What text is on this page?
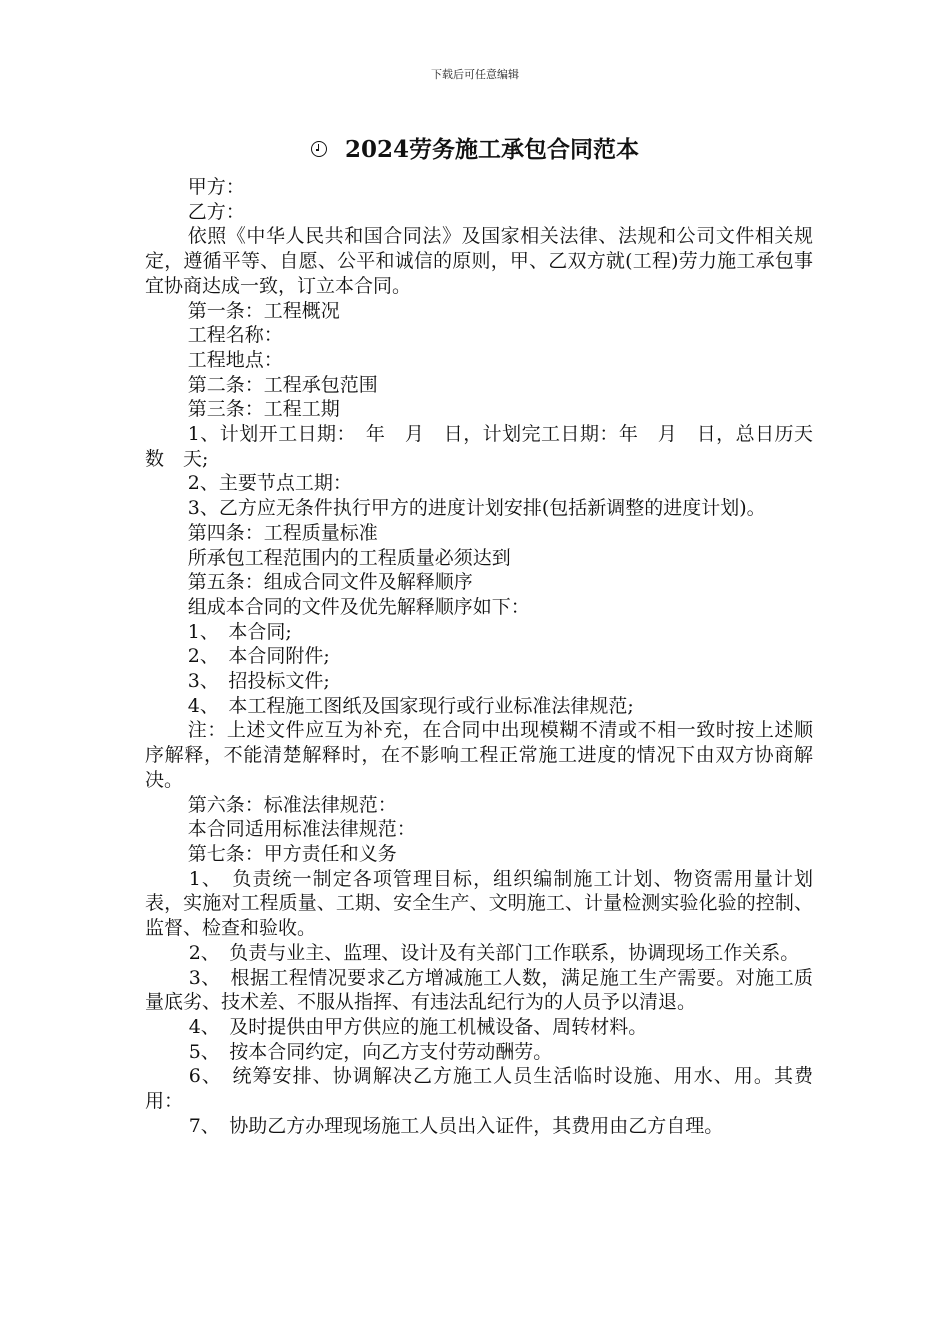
下载后可任意编辑
2024劳务施工承包合同范本

甲方：

乙方：

依照《中华人民共和国合同法》及国家相关法律、法规和公司文件相关规定，遵循平等、自愿、公平和诚信的原则，甲、乙双方就(工程)劳力施工承包事宜协商达成一致，订立本合同。

第一条：工程概况

工程名称：

工程地点：

第二条：工程承包范围

第三条：工程工期

1、计划开工日期：　年　月　日，计划完工日期：年　月　日，总日历天数　天;

2、主要节点工期：

3、乙方应无条件执行甲方的进度计划安排(包括新调整的进度计划)。

第四条：工程质量标准

所承包工程范围内的工程质量必须达到

第五条：组成合同文件及解释顺序

组成本合同的文件及优先解释顺序如下：

1、　本合同;

2、　本合同附件;

3、　招投标文件;

4、　本工程施工图纸及国家现行或行业标准法律规范;

注：上述文件应互为补充，在合同中出现模糊不清或不相一致时按上述顺序解释，不能清楚解释时，在不影响工程正常施工进度的情况下由双方协商解决。

第六条：标准法律规范：

本合同适用标准法律规范：

第七条：甲方责任和义务

1、　负责统一制定各项管理目标，组织编制施工计划、物资需用量计划表，实施对工程质量、工期、安全生产、文明施工、计量检测实验化验的控制、监督、检查和验收。

2、　负责与业主、监理、设计及有关部门工作联系，协调现场工作关系。

3、　根据工程情况要求乙方增减施工人数，满足施工生产需要。对施工质量底劣、技术差、不服从指挥、有违法乱纪行为的人员予以清退。

4、　及时提供由甲方供应的施工机械设备、周转材料。

5、　按本合同约定，向乙方支付劳动酬劳。

6、　统筹安排、协调解决乙方施工人员生活临时设施、用水、用。其费用：

7、　协助乙方办理现场施工人员出入证件，其费用由乙方自理。
